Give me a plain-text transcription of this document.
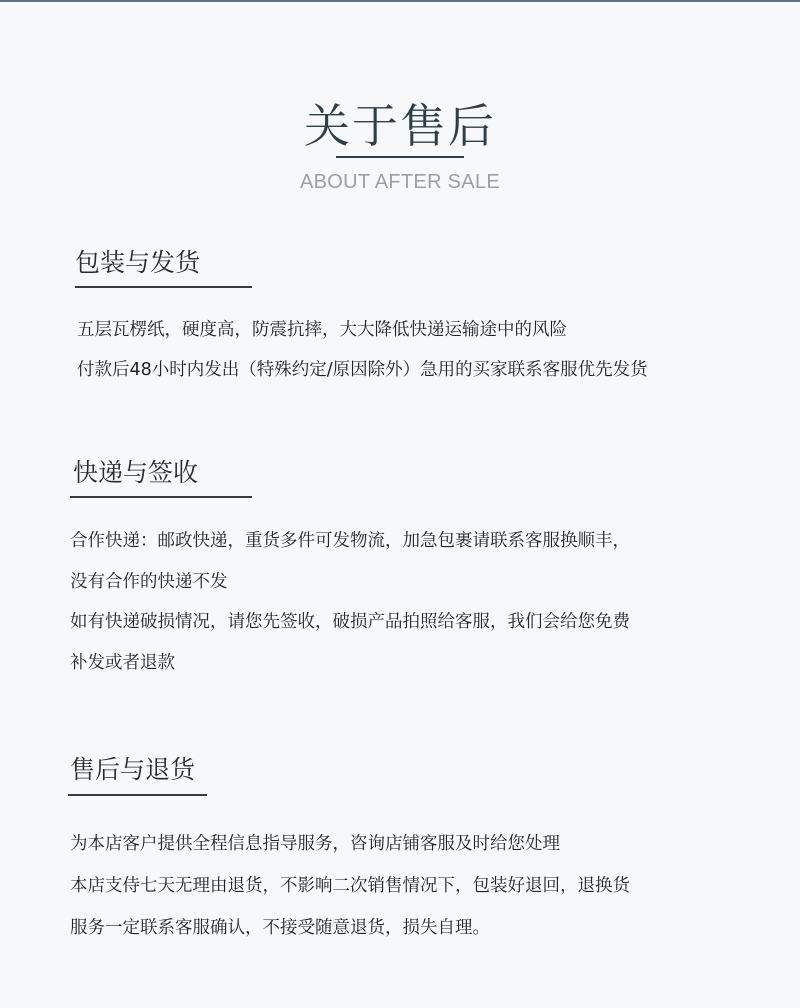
关于售后
ABOUT AFTER SALE
包装与发货
五层瓦楞纸，硬度高，防震抗摔，大大降低快递运输途中的风险
付款后48小时内发出（特殊约定/原因除外）急用的买家联系客服优先发货
快递与签收
合作快递：邮政快递，重货多件可发物流，加急包裹请联系客服换顺丰，
没有合作的快递不发
如有快递破损情况，请您先签收，破损产品拍照给客服，我们会给您免费
补发或者退款
售后与退货
为本店客户提供全程信息指导服务，咨询店铺客服及时给您处理
本店支侍七天无理由退货，不影响二次销售情况下，包装好退回，退换货
服务一定联系客服确认，不接受随意退货，损失自理。
